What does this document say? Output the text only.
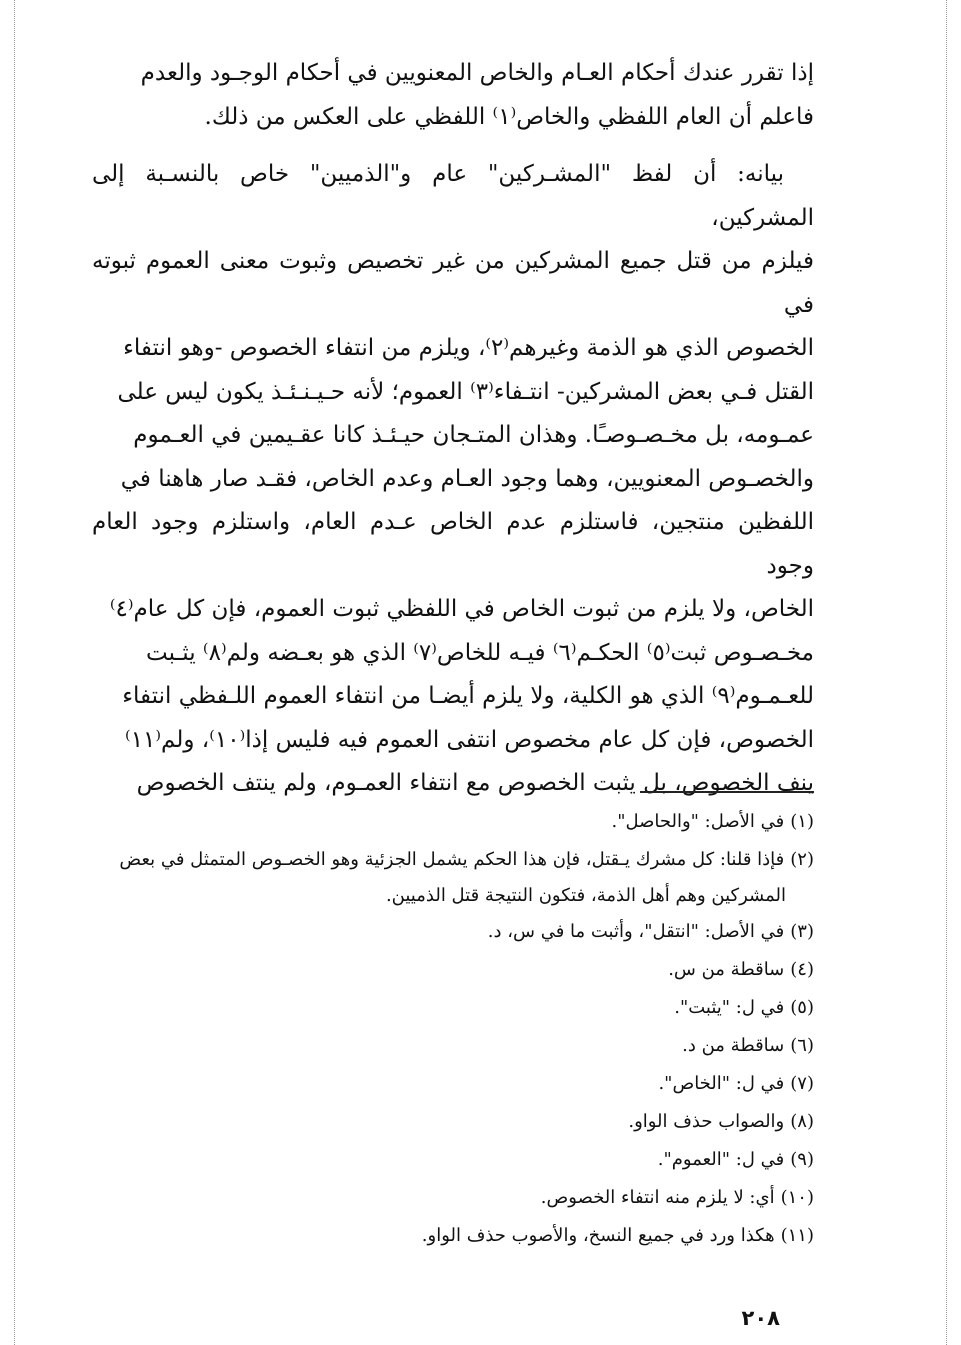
إذا تقرر عندك أحكام العـام والخاص المعنويين في أحكام الوجـود والعدم
فاعلم أن العام اللفظي والخاص⁽١⁾ اللفظي على العكس من ذلك.

بيانه: أن لفظ "المشـركين" عام و"الذميين" خاص بالنسـبة إلى المشركين،
فيلزم من قتل جميع المشركين من غير تخصيص وثبوت معنى العموم ثبوته في
الخصوص الذي هو الذمة وغيرهم⁽٢⁾، ويلزم من انتفاء الخصوص -وهو انتفاء
القتل فـي بعض المشركين- انتـفاء⁽٣⁾ العموم؛ لأنه حـيـنـئـذ يكون ليس على
عمـومه، بل مخـصـوصـًا. وهذان المتـجان حيـئـذ كانا عقـيمين في العـموم
والخصـوص المعنويين، وهما وجود العـام وعدم الخاص، فقـد صار هاهنا في
اللفظين منتجين، فاستلزم عدم الخاص عـدم العام، واستلزم وجود العام وجود
الخاص، ولا يلزم من ثبوت الخاص في اللفظي ثبوت العموم، فإن كل عام⁽٤⁾
مخـصـوص ثبت⁽٥⁾ الحكـم⁽٦⁾ فيـه للخاص⁽٧⁾ الذي هو بعـضه ولم⁽٨⁾ يثـبت
للعـمـوم⁽٩⁾ الذي هو الكلية، ولا يلزم أيضـا من انتفاء العموم اللـفظي انتفاء
الخصوص، فإن كل عام مخصوص انتفى العموم فيه فليس إذا⁽١٠⁾، ولم⁽١١⁾
ينف الخصوص، بل يثبت الخصوص مع انتفاء العمـوم، ولم ينتف الخصوص

(١)في الأصل: "والحاصل".

(٢)فإذا قلنا: كل مشرك يـقتل، فإن هذا الحكم يشمل الجزئية وهو الخصـوص المتمثل في بعض
المشركين وهم أهل الذمة، فتكون النتيجة قتل الذميين.

(٣)في الأصل: "انتقل"، وأثبت ما في س، د.

(٤)ساقطة من س.

(٥)في ل: "يثبت".

(٦)ساقطة من د.

(٧)في ل: "الخاص".

(٨)والصواب حذف الواو.

(٩)في ل: "العموم".

(١٠)أي: لا يلزم منه انتفاء الخصوص.

(١١)هكذا ورد في جميع النسخ، والأصوب حذف الواو.

٢٠٨
